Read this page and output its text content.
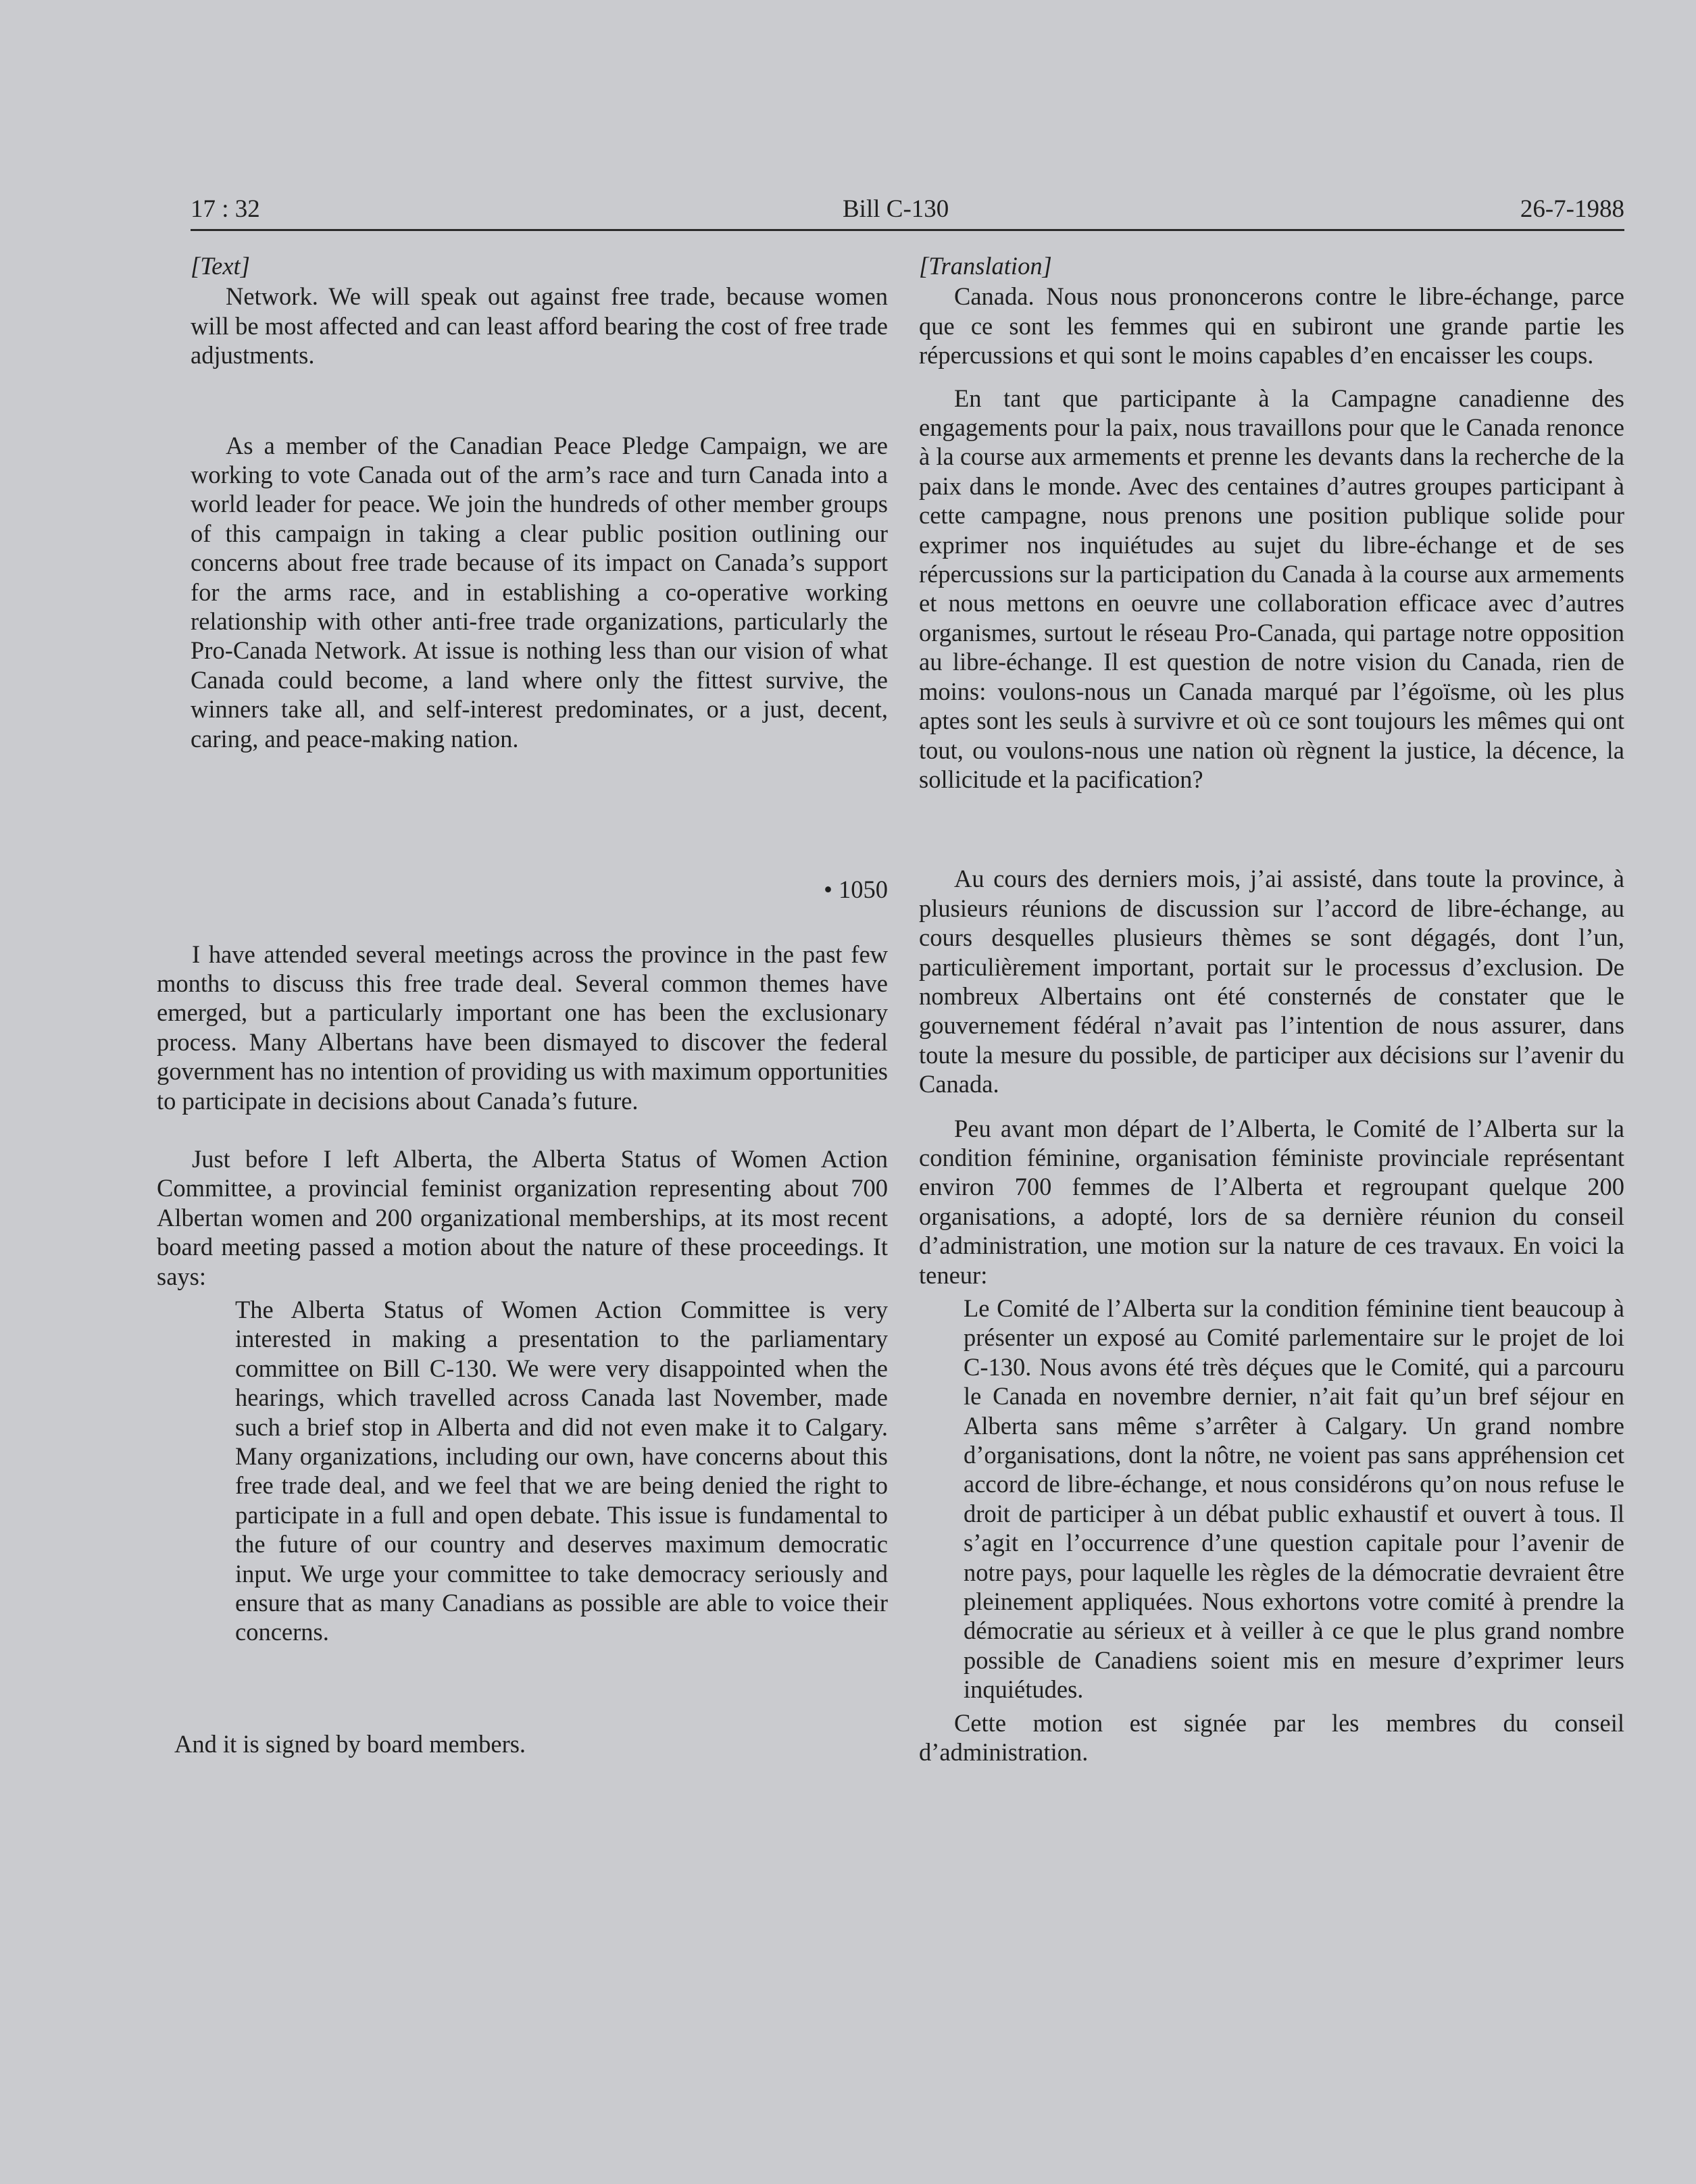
17 : 32	Bill C-130	26-7-1988

[Text]

Network. We will speak out against free trade, because women will be most affected and can least afford bearing the cost of free trade adjustments.

As a member of the Canadian Peace Pledge Campaign, we are working to vote Canada out of the arm’s race and turn Canada into a world leader for peace. We join the hundreds of other member groups of this campaign in taking a clear public position outlining our concerns about free trade because of its impact on Canada’s support for the arms race, and in establishing a co-operative working relationship with other anti-free trade organizations, particularly the Pro-Canada Network. At issue is nothing less than our vision of what Canada could become, a land where only the fittest survive, the winners take all, and self-interest predominates, or a just, decent, caring, and peace-making nation.

• 1050

I have attended several meetings across the province in the past few months to discuss this free trade deal. Several common themes have emerged, but a particularly important one has been the exclusionary process. Many Albertans have been dismayed to discover the federal government has no intention of providing us with maximum opportunities to participate in decisions about Canada’s future.

Just before I left Alberta, the Alberta Status of Women Action Committee, a provincial feminist organization representing about 700 Albertan women and 200 organizational memberships, at its most recent board meeting passed a motion about the nature of these proceedings. It says:

The Alberta Status of Women Action Committee is very interested in making a presentation to the parliamentary committee on Bill C-130. We were very disappointed when the hearings, which travelled across Canada last November, made such a brief stop in Alberta and did not even make it to Calgary. Many organizations, including our own, have concerns about this free trade deal, and we feel that we are being denied the right to participate in a full and open debate. This issue is fundamental to the future of our country and deserves maximum democratic input. We urge your committee to take democracy seriously and ensure that as many Canadians as possible are able to voice their concerns.

And it is signed by board members.

[Translation]

Canada. Nous nous prononcerons contre le libre-échange, parce que ce sont les femmes qui en subiront une grande partie les répercussions et qui sont le moins capables d’en encaisser les coups.

En tant que participante à la Campagne canadienne des engagements pour la paix, nous travaillons pour que le Canada renonce à la course aux armements et prenne les devants dans la recherche de la paix dans le monde. Avec des centaines d’autres groupes participant à cette campagne, nous prenons une position publique solide pour exprimer nos inquiétudes au sujet du libre-échange et de ses répercussions sur la participation du Canada à la course aux armements et nous mettons en oeuvre une collaboration efficace avec d’autres organismes, surtout le réseau Pro-Canada, qui partage notre opposition au libre-échange. Il est question de notre vision du Canada, rien de moins: voulons-nous un Canada marqué par l’égoïsme, où les plus aptes sont les seuls à survivre et où ce sont toujours les mêmes qui ont tout, ou voulons-nous une nation où règnent la justice, la décence, la sollicitude et la pacification?

Au cours des derniers mois, j’ai assisté, dans toute la province, à plusieurs réunions de discussion sur l’accord de libre-échange, au cours desquelles plusieurs thèmes se sont dégagés, dont l’un, particulièrement important, portait sur le processus d’exclusion. De nombreux Albertains ont été consternés de constater que le gouvernement fédéral n’avait pas l’intention de nous assurer, dans toute la mesure du possible, de participer aux décisions sur l’avenir du Canada.

Peu avant mon départ de l’Alberta, le Comité de l’Alberta sur la condition féminine, organisation féministe provinciale représentant environ 700 femmes de l’Alberta et regroupant quelque 200 organisations, a adopté, lors de sa dernière réunion du conseil d’administration, une motion sur la nature de ces travaux. En voici la teneur:

Le Comité de l’Alberta sur la condition féminine tient beaucoup à présenter un exposé au Comité parlementaire sur le projet de loi C-130. Nous avons été très déçues que le Comité, qui a parcouru le Canada en novembre dernier, n’ait fait qu’un bref séjour en Alberta sans même s’arrêter à Calgary. Un grand nombre d’organisations, dont la nôtre, ne voient pas sans appréhension cet accord de libre-échange, et nous considérons qu’on nous refuse le droit de participer à un débat public exhaustif et ouvert à tous. Il s’agit en l’occurrence d’une question capitale pour l’avenir de notre pays, pour laquelle les règles de la démocratie devraient être pleinement appliquées. Nous exhortons votre comité à prendre la démocratie au sérieux et à veiller à ce que le plus grand nombre possible de Canadiens soient mis en mesure d’exprimer leurs inquiétudes.

Cette motion est signée par les membres du conseil d’administration.
